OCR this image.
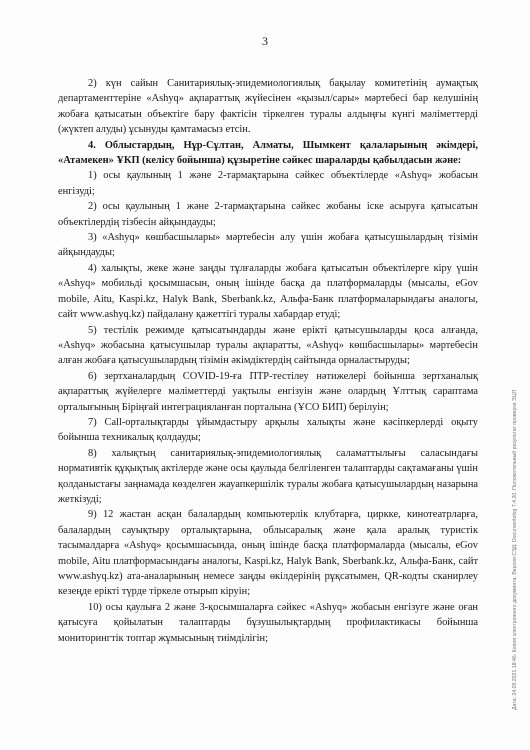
3

2) күн сайын Санитариялық-эпидемиологиялық бақылау комитетінің аумақтық департаменттеріне «Ashyq» ақпараттық жүйесінен «қызыл/сары» мәртебесі бар келушінің жобаға қатысатын объектіге бару фактісін тіркелген туралы алдыңғы күнгі мәліметтерді (жүктеп алуды) ұсынуды қамтамасыз етсін.

4. Облыстардың, Нұр-Сұлтан, Алматы, Шымкент қалаларының әкімдері, «Атамекен» ҰКП (келісу бойынша) құзыретіне сәйкес шараларды қабылдасын және:

1) осы қаулының 1 және 2-тармақтарына сәйкес объектілерде «Ashyq» жобасын енгізуді;

2) осы қаулының 1 және 2-тармақтарына сәйкес жобаны іске асыруға қатысатын объектілердің тізбесін айқындауды;

3) «Ashyq» көшбасшылары» мәртебесін алу үшін жобаға қатысушылардың тізімін айқындауды;

4) халықты, жеке және заңды тұлғаларды жобаға қатысатын объектілерге кіру үшін «Ashyq» мобильді қосымшасын, оның ішінде басқа да платформаларды (мысалы, eGov mobile, Aitu, Kaspi.kz, Halyk Bank, Sberbank.kz, Альфа-Банк платформаларындағы аналогы, сайт www.ashyq.kz) пайдалану қажеттігі туралы хабардар етуді;

5) тестілік режимде қатысатындарды және ерікті қатысушыларды қоса алғанда, «Ashyq» жобасына қатысушылар туралы ақпаратты, «Ashyq» көшбасшылары» мәртебесін алған жобаға қатысушылардың тізімін әкімдіктердің сайтында орналастыруды;

6) зертханалардың COVID-19-ға ПТР-тестілеу нәтижелері бойынша зертханалық ақпараттық жүйелерге мәліметтерді уақтылы енгізуін және олардың Ұлттық сараптама орталығының Біріңғай интеграцияланған порталына (ҰСО БИП) берілуін;

7) Call-орталықтарды ұйымдастыру арқылы халықты және кәсіпкерлерді оқыту бойынша техникалық қолдауды;

8) халықтың санитариялық-эпидемиологиялық саламаттылығы саласындағы нормативтік құқықтық актілерде және осы қаулыда белгіленген талаптарды сақтамағаны үшін қолданыстағы заңнамада көзделген жауапкершілік туралы жобаға қатысушылардың назарына жеткізуді;

9) 12 жастан асқан балалардың компьютерлік клубтарға, циркке, кинотеатрларға, балалардың сауықтыру орталықтарына, облысаралық және қала аралық туристік тасымалдарға «Ashyq» қосымшасында, оның ішінде басқа платформаларда (мысалы, eGov mobile, Aitu платформасындағы аналогы, Kaspi.kz, Halyk Bank, Sberbank.kz, Альфа-Банк, сайт www.ashyq.kz) ата-аналарының немесе заңды өкілдерінің рұқсатымен, QR-кодты сканирлеу кезеңде ерікті түрде тіркеле отырып кіруін;

10) осы қаулыға 2 және 3-қосымшаларға сәйкес «Ashyq» жобасын енгізуге және оған қатысуға қойылатын талаптарды бұзушылықтардың профилактикасы бойынша мониторингтік топтар жұмысының тиімділігін;	Дата: 24.09.2021 18:46. Копия электронного документа. Версия СЭД: Documentolog 7.4.20. Положительный результат проверки ЭЦП
